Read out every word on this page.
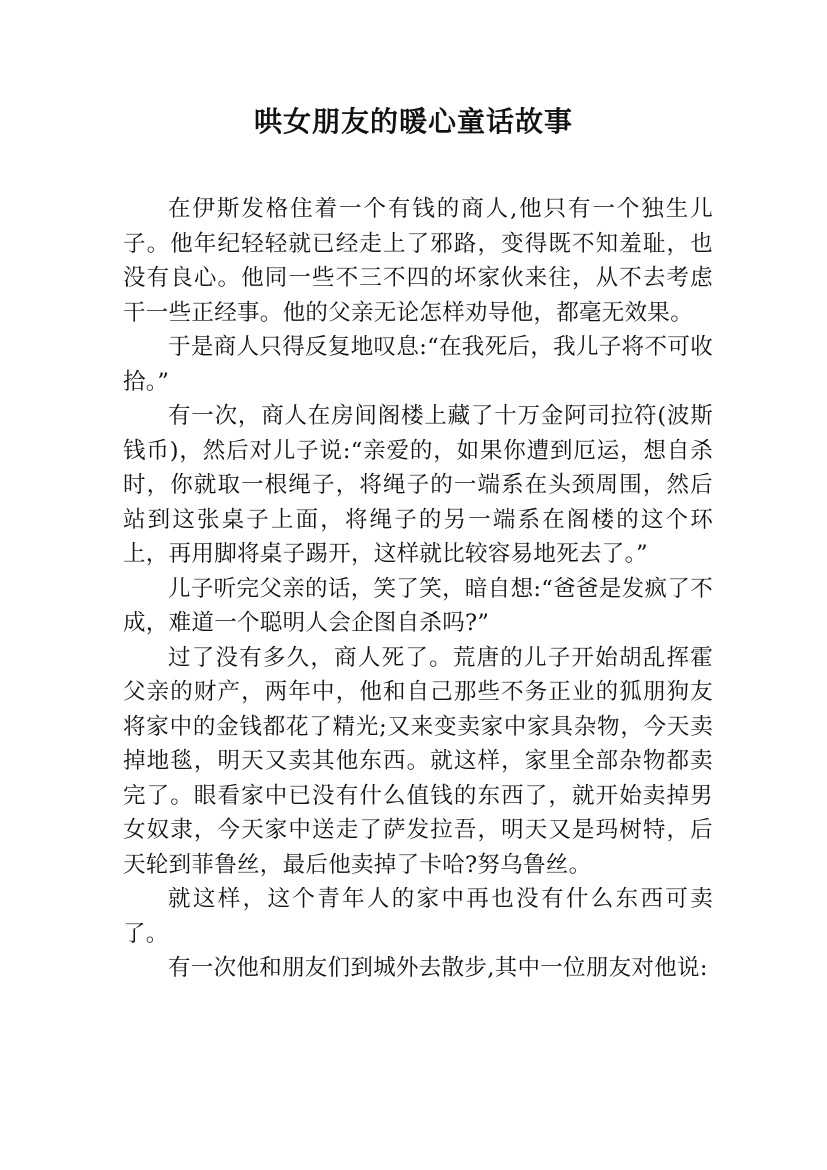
哄女朋友的暖心童话故事

在伊斯发格住着一个有钱的商人,他只有一个独生儿子。他年纪轻轻就已经走上了邪路，变得既不知羞耻，也没有良心。他同一些不三不四的坏家伙来往，从不去考虑干一些正经事。他的父亲无论怎样劝导他，都毫无效果。

于是商人只得反复地叹息:“在我死后，我儿子将不可收拾。”

有一次，商人在房间阁楼上藏了十万金阿司拉符(波斯钱币)，然后对儿子说:“亲爱的，如果你遭到厄运，想自杀时，你就取一根绳子，将绳子的一端系在头颈周围，然后站到这张桌子上面，将绳子的另一端系在阁楼的这个环上，再用脚将桌子踢开，这样就比较容易地死去了。”

儿子听完父亲的话，笑了笑，暗自想:“爸爸是发疯了不成，难道一个聪明人会企图自杀吗?”

过了没有多久，商人死了。荒唐的儿子开始胡乱挥霍父亲的财产，两年中，他和自己那些不务正业的狐朋狗友将家中的金钱都花了精光;又来变卖家中家具杂物，今天卖掉地毯，明天又卖其他东西。就这样，家里全部杂物都卖完了。眼看家中已没有什么值钱的东西了，就开始卖掉男女奴隶，今天家中送走了萨发拉吾，明天又是玛树特，后天轮到菲鲁丝，最后他卖掉了卡哈?努乌鲁丝。

就这样，这个青年人的家中再也没有什么东西可卖了。

有一次他和朋友们到城外去散步,其中一位朋友对他说:
